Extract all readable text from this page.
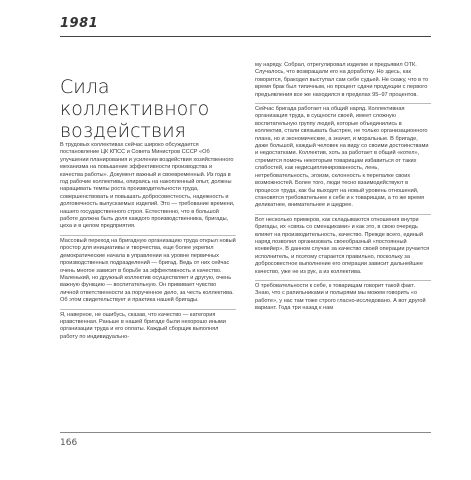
1981
Сила коллективного воздействия

В трудовых коллективах сейчас широко обсуждается постановление ЦК КПСС и Совета Министров СССР «Об улучшении планирования и усилении воздействия хозяйственного механизма на повышение эффективности производства и качества работы». Документ важный и своевременный. Из года в год рабочие коллективы, опираясь на накопленный опыт, должны наращивать темпы роста производительности труда, совершенствовать и повышать добросовестность, надежность и долговечность выпускаемых изделий. Это — требование времени, нашего государственного строя. Естественно, что в большой работе должна быть доля каждого производственника, бригады, цеха и в целом предприятия.

Массовый переход на бригадную организацию труда открыл новый простор для инициативы и творчества, еще более укрепил демократические начала в управлении на уровне первичных производственных подразделений — бригад. Ведь от них сейчас очень многое зависит в борьбе за эффективность и качество. Маленький, но дружный коллектив осуществляет и другую, очень важную функцию — воспитательную. Он прививает чувство личной ответственности за порученное дело, за честь коллектива. Об этом свидетельствует и практика нашей бригады.

Я, наверное, не ошибусь, сказав, что качество — категория нравственная. Раньше в нашей бригаде были нехорошо иными организации труда и его оплаты. Каждый сборщик выполнял работу по индивидуально-

му наряду. Собрал, отрегулировал изделие и предъявил ОТК. Случалось, что возвращали его на доработку. Но здесь, как говорится, бракодел выступал сам себе судьей. Не скажу, что в то время брак был типичным, но процент сдачи продукции с первого предъявления все же находился в пределах 95–97 процентов.

Сейчас бригада работает на общий наряд. Коллективная организация труда, в сущности своей, имеет сложную воспитательную группу людей, которые объединились в коллектив, стали связывать быстрее, не только организационного плана, но и экономические, а значит, и моральные. В бригаде, даже большой, каждый человек на виду со своими достоинствами и недостатками. Коллектив, хоть за работает в общий «котел», стремится помочь некоторым товарищам избавиться от таких слабостей, как недисциплинированность, лень, нетребовательность, эгоизм, склонность к перепалке своих возможностей. Более того, люди тесно взаимодействуют в процессе труда, как бы выходят на новый уровень отношений, становятся требовательнее к себе и к товарищам, а то же время деликатнее, внимательнее и щедрее.

Вот несколько примеров, как складываются отношения внутри бригады, их «связь со сменщиками» и как это, в свою очередь влияет на производительность, качество. Прежде всего, единый наряд позволил организовать своеобразный «постоянный конвейер». В данном случае за качество своей операции ручается исполнитель, и поэтому старается правильно, поскольку за добросовестное выполнение его операции зависит дальнейшее качество, уже не из рук, а из коллектива.

О требовательности к себе, к товарищам говорит такой факт. Знаю, что с рапильниками и полырями мы можем говорить «о работе», у нас там тоже строго гласно-исследовано. А вот другой вариант. Года три назад к нам

166
